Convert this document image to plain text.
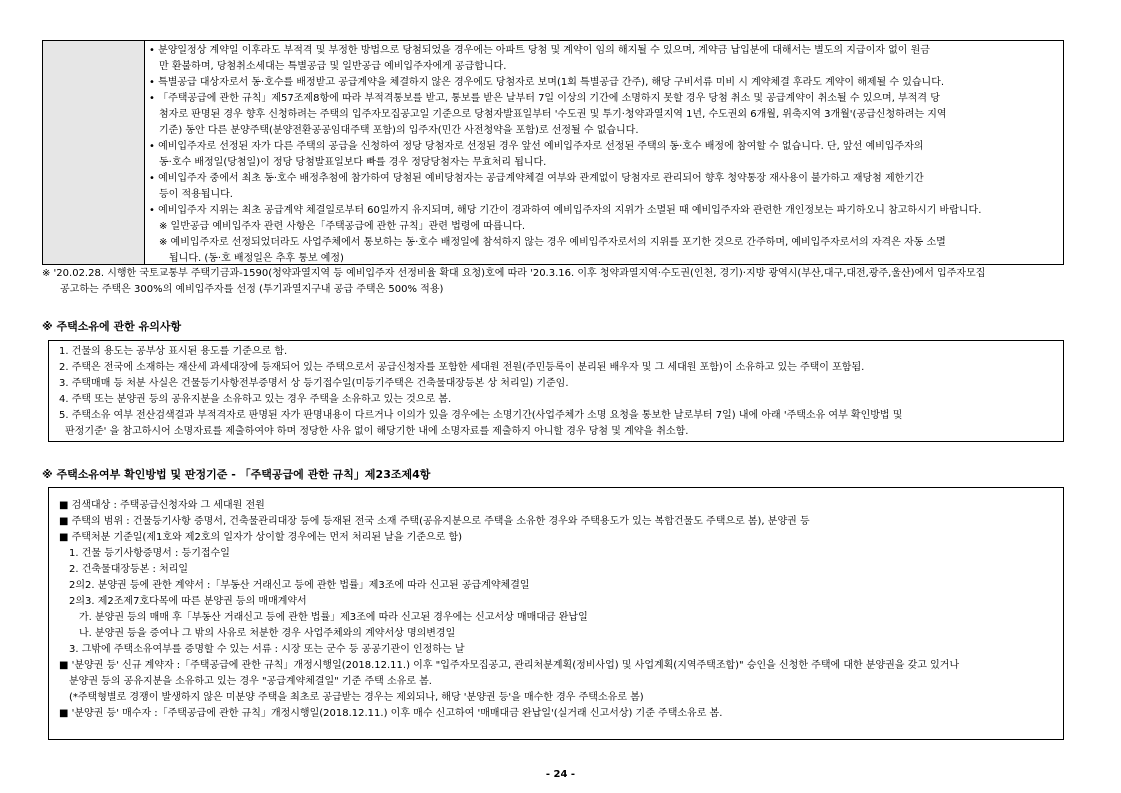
• 분양일정상 계약일 이후라도 부적격 및 부정한 방법으로 당첨되었을 경우에는 아파트 당첨 및 계약이 임의 해지될 수 있으며, 계약금 납입분에 대해서는 별도의 지급이자 없이 원금
만 환불하며, 당첨취소세대는 특별공급 및 일반공급 예비입주자에게 공급합니다.
• 특별공급 대상자로서 동·호수를 배정받고 공급계약을 체결하지 않은 경우에도 당첨자로 보며(1회 특별공급 간주), 해당 구비서류 미비 시 계약체결 후라도 계약이 해제될 수 있습니다.
• 「주택공급에 관한 규칙」제57조제8항에 따라 부적격통보를 받고, 통보를 받은 날부터 7일 이상의 기간에 소명하지 못할 경우 당첨 취소 및 공급계약이 취소될 수 있으며, 부적격 당
첨자로 판명된 경우 향후 신청하려는 주택의 입주자모집공고일 기준으로 당첨자발표일부터 '수도권 및 투기·청약과열지역 1년, 수도권외 6개월, 위축지역 3개월'(공급신청하려는 지역
기준) 동안 다른 분양주택(분양전환공공임대주택 포함)의 입주자(민간 사전청약을 포함)로 선정될 수 없습니다.
• 예비입주자로 선정된 자가 다른 주택의 공급을 신청하여 정당 당첨자로 선정된 경우 앞선 예비입주자로 선정된 주택의 동·호수 배정에 참여할 수 없습니다. 단, 앞선 예비입주자의
동·호수 배정일(당첨일)이 정당 당첨발표일보다 빠를 경우 정당당첨자는 무효처리 됩니다.
• 예비입주자 중에서 최초 동·호수 배정추첨에 참가하여 당첨된 예비당첨자는 공급계약체결 여부와 관계없이 당첨자로 관리되어 향후 청약통장 재사용이 불가하고 재당첨 제한기간
등이 적용됩니다.
• 예비입주자 지위는 최초 공급계약 체결일로부터 60일까지 유지되며, 해당 기간이 경과하여 예비입주자의 지위가 소멸된 때 예비입주자와 관련한 개인정보는 파기하오니 참고하시기 바랍니다.
※ 일반공급 예비입주자 관련 사항은「주택공급에 관한 규칙」관련 법령에 따릅니다.
※ 예비입주자로 선정되었더라도 사업주체에서 통보하는 동·호수 배정일에 참석하지 않는 경우 예비입주자로서의 지위를 포기한 것으로 간주하며, 예비입주자로서의 자격은 자동 소멸
됩니다. (동·호 배정일은 추후 통보 예정)
※ '20.02.28. 시행한 국토교통부 주택기금과-1590(청약과열지역 등 예비입주자 선정비율 확대 요청)호에 따라 '20.3.16. 이후 청약과열지역·수도권(인천, 경기)·지방 광역시(부산,대구,대전,광주,울산)에서 입주자모집
공고하는 주택은 300%의 예비입주자를 선정 (투기과열지구내 공급 주택은 500% 적용)
※ 주택소유에 관한 유의사항
1. 건물의 용도는 공부상 표시된 용도를 기준으로 함.
2. 주택은 전국에 소재하는 재산세 과세대장에 등재되어 있는 주택으로서 공급신청자를 포함한 세대원 전원(주민등록이 분리된 배우자 및 그 세대원 포함)이 소유하고 있는 주택이 포함됨.
3. 주택매매 등 처분 사실은 건물등기사항전부증명서 상 등기접수일(미등기주택은 건축물대장등본 상 처리일) 기준임.
4. 주택 또는 분양권 등의 공유지분을 소유하고 있는 경우 주택을 소유하고 있는 것으로 봄.
5. 주택소유 여부 전산검색결과 부적격자로 판명된 자가 판명내용이 다르거나 이의가 있을 경우에는 소명기간(사업주체가 소명 요청을 통보한 날로부터 7일) 내에 아래 '주택소유 여부 확인방법 및
판정기준' 을 참고하시어 소명자료를 제출하여야 하며 정당한 사유 없이 해당기한 내에 소명자료를 제출하지 아니할 경우 당첨 및 계약을 취소함.
※ 주택소유여부 확인방법 및 판정기준 - 「주택공급에 관한 규칙」제23조제4항
■ 검색대상 : 주택공급신청자와 그 세대원 전원
■ 주택의 범위 : 건물등기사항 증명서, 건축물관리대장 등에 등재된 전국 소재 주택(공유지분으로 주택을 소유한 경우와 주택용도가 있는 복합건물도 주택으로 봄), 분양권 등
■ 주택처분 기준일(제1호와 제2호의 일자가 상이할 경우에는 먼저 처리된 날을 기준으로 함)
1. 건물 등기사항증명서 : 등기접수일
2. 건축물대장등본 : 처리일
2의2. 분양권 등에 관한 계약서 :「부동산 거래신고 등에 관한 법률」제3조에 따라 신고된 공급계약체결일
2의3. 제2조제7호다목에 따른 분양권 등의 매매계약서
가. 분양권 등의 매매 후「부동산 거래신고 등에 관한 법률」제3조에 따라 신고된 경우에는 신고서상 매매대금 완납일
나. 분양권 등을 증여나 그 밖의 사유로 처분한 경우 사업주체와의 계약서상 명의변경일
3. 그밖에 주택소유여부를 증명할 수 있는 서류 : 시장 또는 군수 등 공공기관이 인정하는 날
■ '분양권 등' 신규 계약자 :「주택공급에 관한 규칙」개정시행일(2018.12.11.) 이후 "입주자모집공고, 관리처분계획(정비사업) 및 사업계획(지역주택조합)" 승인을 신청한 주택에 대한 분양권을 갖고 있거나
분양권 등의 공유지분을 소유하고 있는 경우 "공급계약체결일" 기준 주택 소유로 봄.
(*주택형별로 경쟁이 발생하지 않은 미분양 주택을 최초로 공급받는 경우는 제외되나, 해당 '분양권 등'을 매수한 경우 주택소유로 봄)
■ '분양권 등' 매수자 :「주택공급에 관한 규칙」개정시행일(2018.12.11.) 이후 매수 신고하여 '매매대금 완납일'(실거래 신고서상) 기준 주택소유로 봄.
- 24 -
